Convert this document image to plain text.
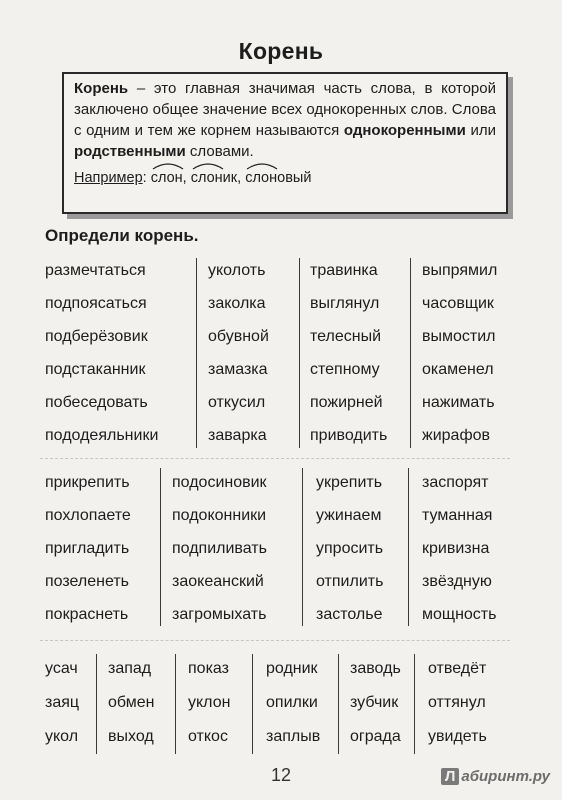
Корень
Корень – это главная значимая часть слова, в которой заключено общее значение всех однокоренных слов. Слова с одним и тем же корнем называются однокоренными или родственными словами.
Например:
слон,
слоник,
слоновый
Определи корень.
размечтаться
подпоясаться
подберёзовик
подстаканник
побеседовать
пододеяльники
уколоть
заколка
обувной
замазка
откусил
заварка
травинка
выглянул
телесный
степному
пожирней
приводить
выпрямил
часовщик
вымостил
окаменел
нажимать
жирафов
прикрепить
похлопаете
пригладить
позеленеть
покраснеть
подосиновик
подоконники
подпиливать
заокеанский
загромыхать
укрепить
ужинаем
упросить
отпилить
застолье
заспорят
туманная
кривизна
звёздную
мощность
усач
заяц
укол
запад
обмен
выход
показ
уклон
откос
родник
опилки
заплыв
заводь
зубчик
ограда
отведёт
оттянул
увидеть
12	Л абиринт.ру
